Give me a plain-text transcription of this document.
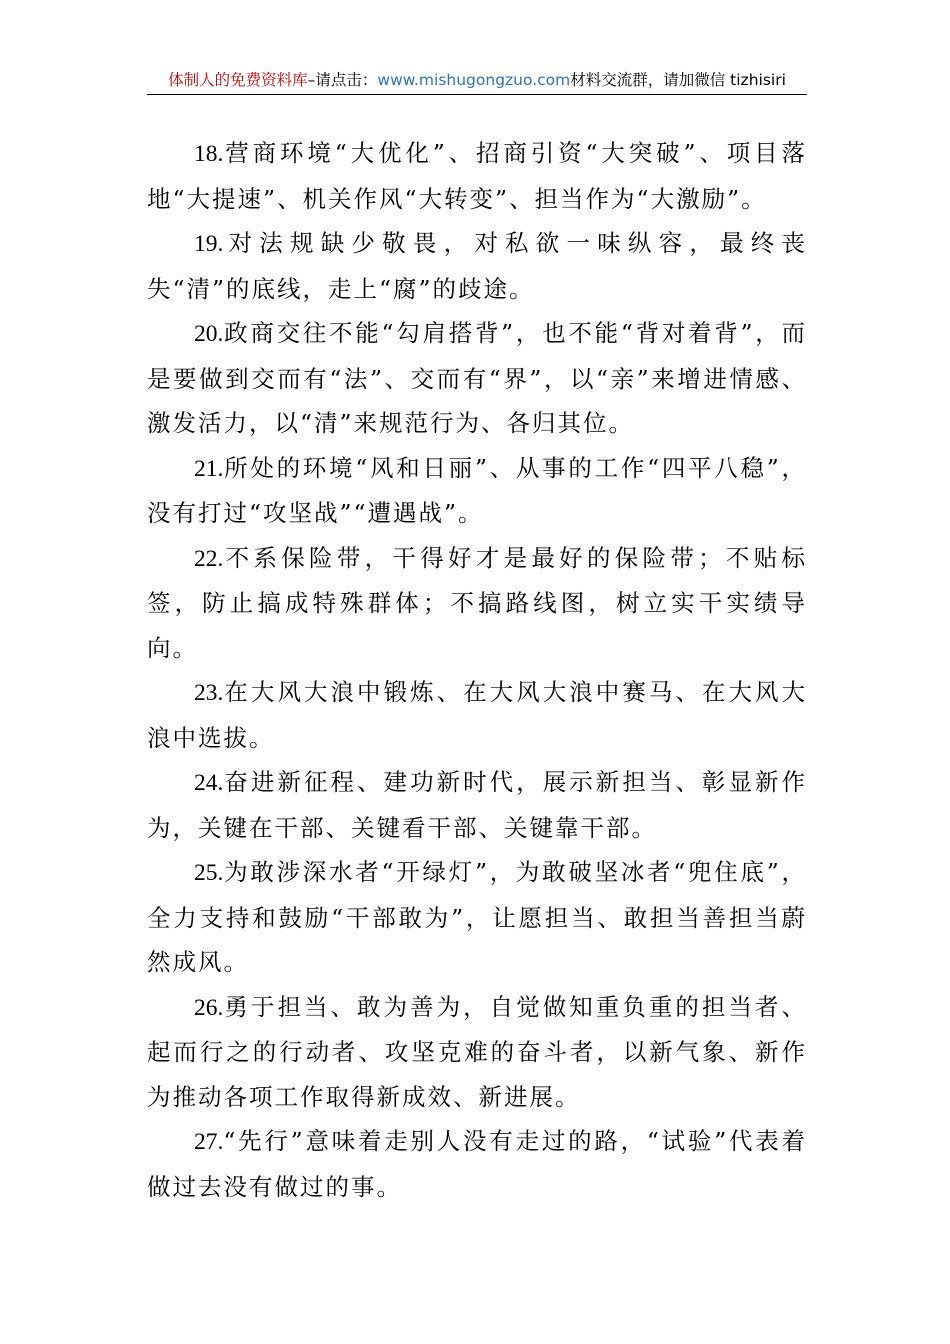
体制人的免费资料库–请点击：www.mishugongzuo.com材料交流群，请加微信 tizhisiri

18.营商环境“大优化”、招商引资“大突破”、项目落地“大提速”、机关作风“大转变”、担当作为“大激励”。

19.对法规缺少敬畏，对私欲一味纵容，最终丧失“清”的底线，走上“腐”的歧途。

20.政商交往不能“勾肩搭背”，也不能“背对着背”，而是要做到交而有“法”、交而有“界”，以“亲”来增进情感、激发活力，以“清”来规范行为、各归其位。

21.所处的环境“风和日丽”、从事的工作“四平八稳”，没有打过“攻坚战”“遭遇战”。

22.不系保险带，干得好才是最好的保险带；不贴标签，防止搞成特殊群体；不搞路线图，树立实干实绩导向。

23.在大风大浪中锻炼、在大风大浪中赛马、在大风大浪中选拔。

24.奋进新征程、建功新时代，展示新担当、彰显新作为，关键在干部、关键看干部、关键靠干部。

25.为敢涉深水者“开绿灯”，为敢破坚冰者“兜住底”，全力支持和鼓励“干部敢为”，让愿担当、敢担当善担当蔚然成风。

26.勇于担当、敢为善为，自觉做知重负重的担当者、起而行之的行动者、攻坚克难的奋斗者，以新气象、新作为推动各项工作取得新成效、新进展。

27.“先行”意味着走别人没有走过的路，“试验”代表着做过去没有做过的事。
